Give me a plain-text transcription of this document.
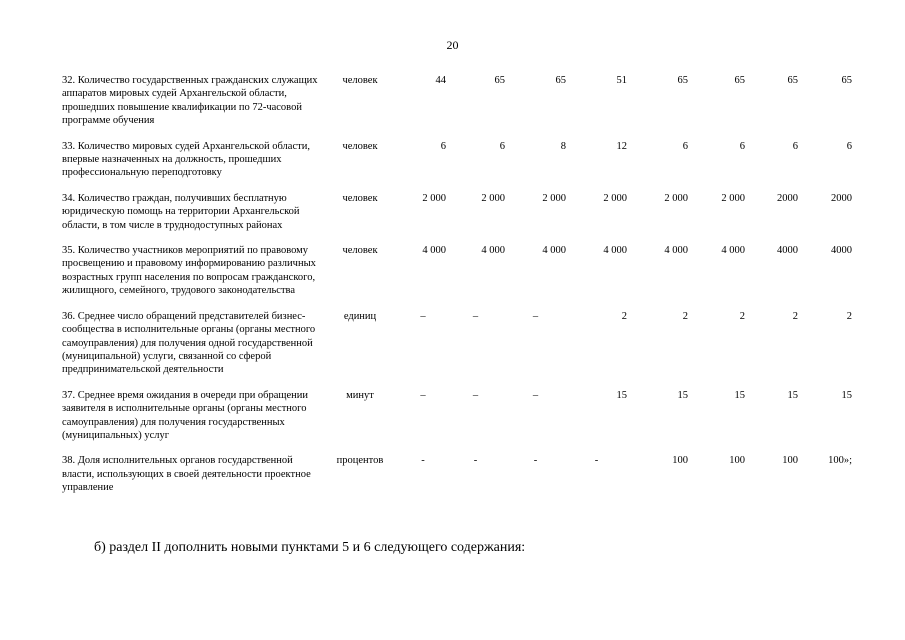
20
32. Количество государственных гражданских служащих аппаратов мировых судей Архангельской области, прошедших повышение квалификации по 72-часовой программе обучения	человек	44	65	65	51	65	65	65	65

33. Количество мировых судей Архангельской области, впервые назначенных на должность, прошедших профессиональную переподготовку	человек	6	6	8	12	6	6	6	6

34. Количество граждан, получивших бесплатную юридическую помощь на территории Архангельской области, в том числе в труднодоступных районах	человек	2 000	2 000	2 000	2 000	2 000	2 000	2000	2000

35. Количество участников мероприятий по правовому просвещению и правовому информированию различных возрастных групп населения по вопросам гражданского, жилищного, семейного, трудового законодательства	человек	4 000	4 000	4 000	4 000	4 000	4 000	4000	4000

36. Среднее число обращений представителей бизнес-сообщества в исполнительные органы (органы местного самоуправления) для получения одной государственной (муниципальной) услуги, связанной со сферой предпринимательской деятельности	единиц	–	–	–	2	2	2	2	2

37. Среднее время ожидания в очереди при обращении заявителя в исполнительные органы (органы местного самоуправления) для получения государственных (муниципальных) услуг	минут	–	–	–	15	15	15	15	15

38. Доля исполнительных органов государственной власти, использующих в своей деятельности проектное управление	процентов	-	-	-	-	100	100	100	100»;
б) раздел II дополнить новыми пунктами 5 и 6 следующего содержания:
